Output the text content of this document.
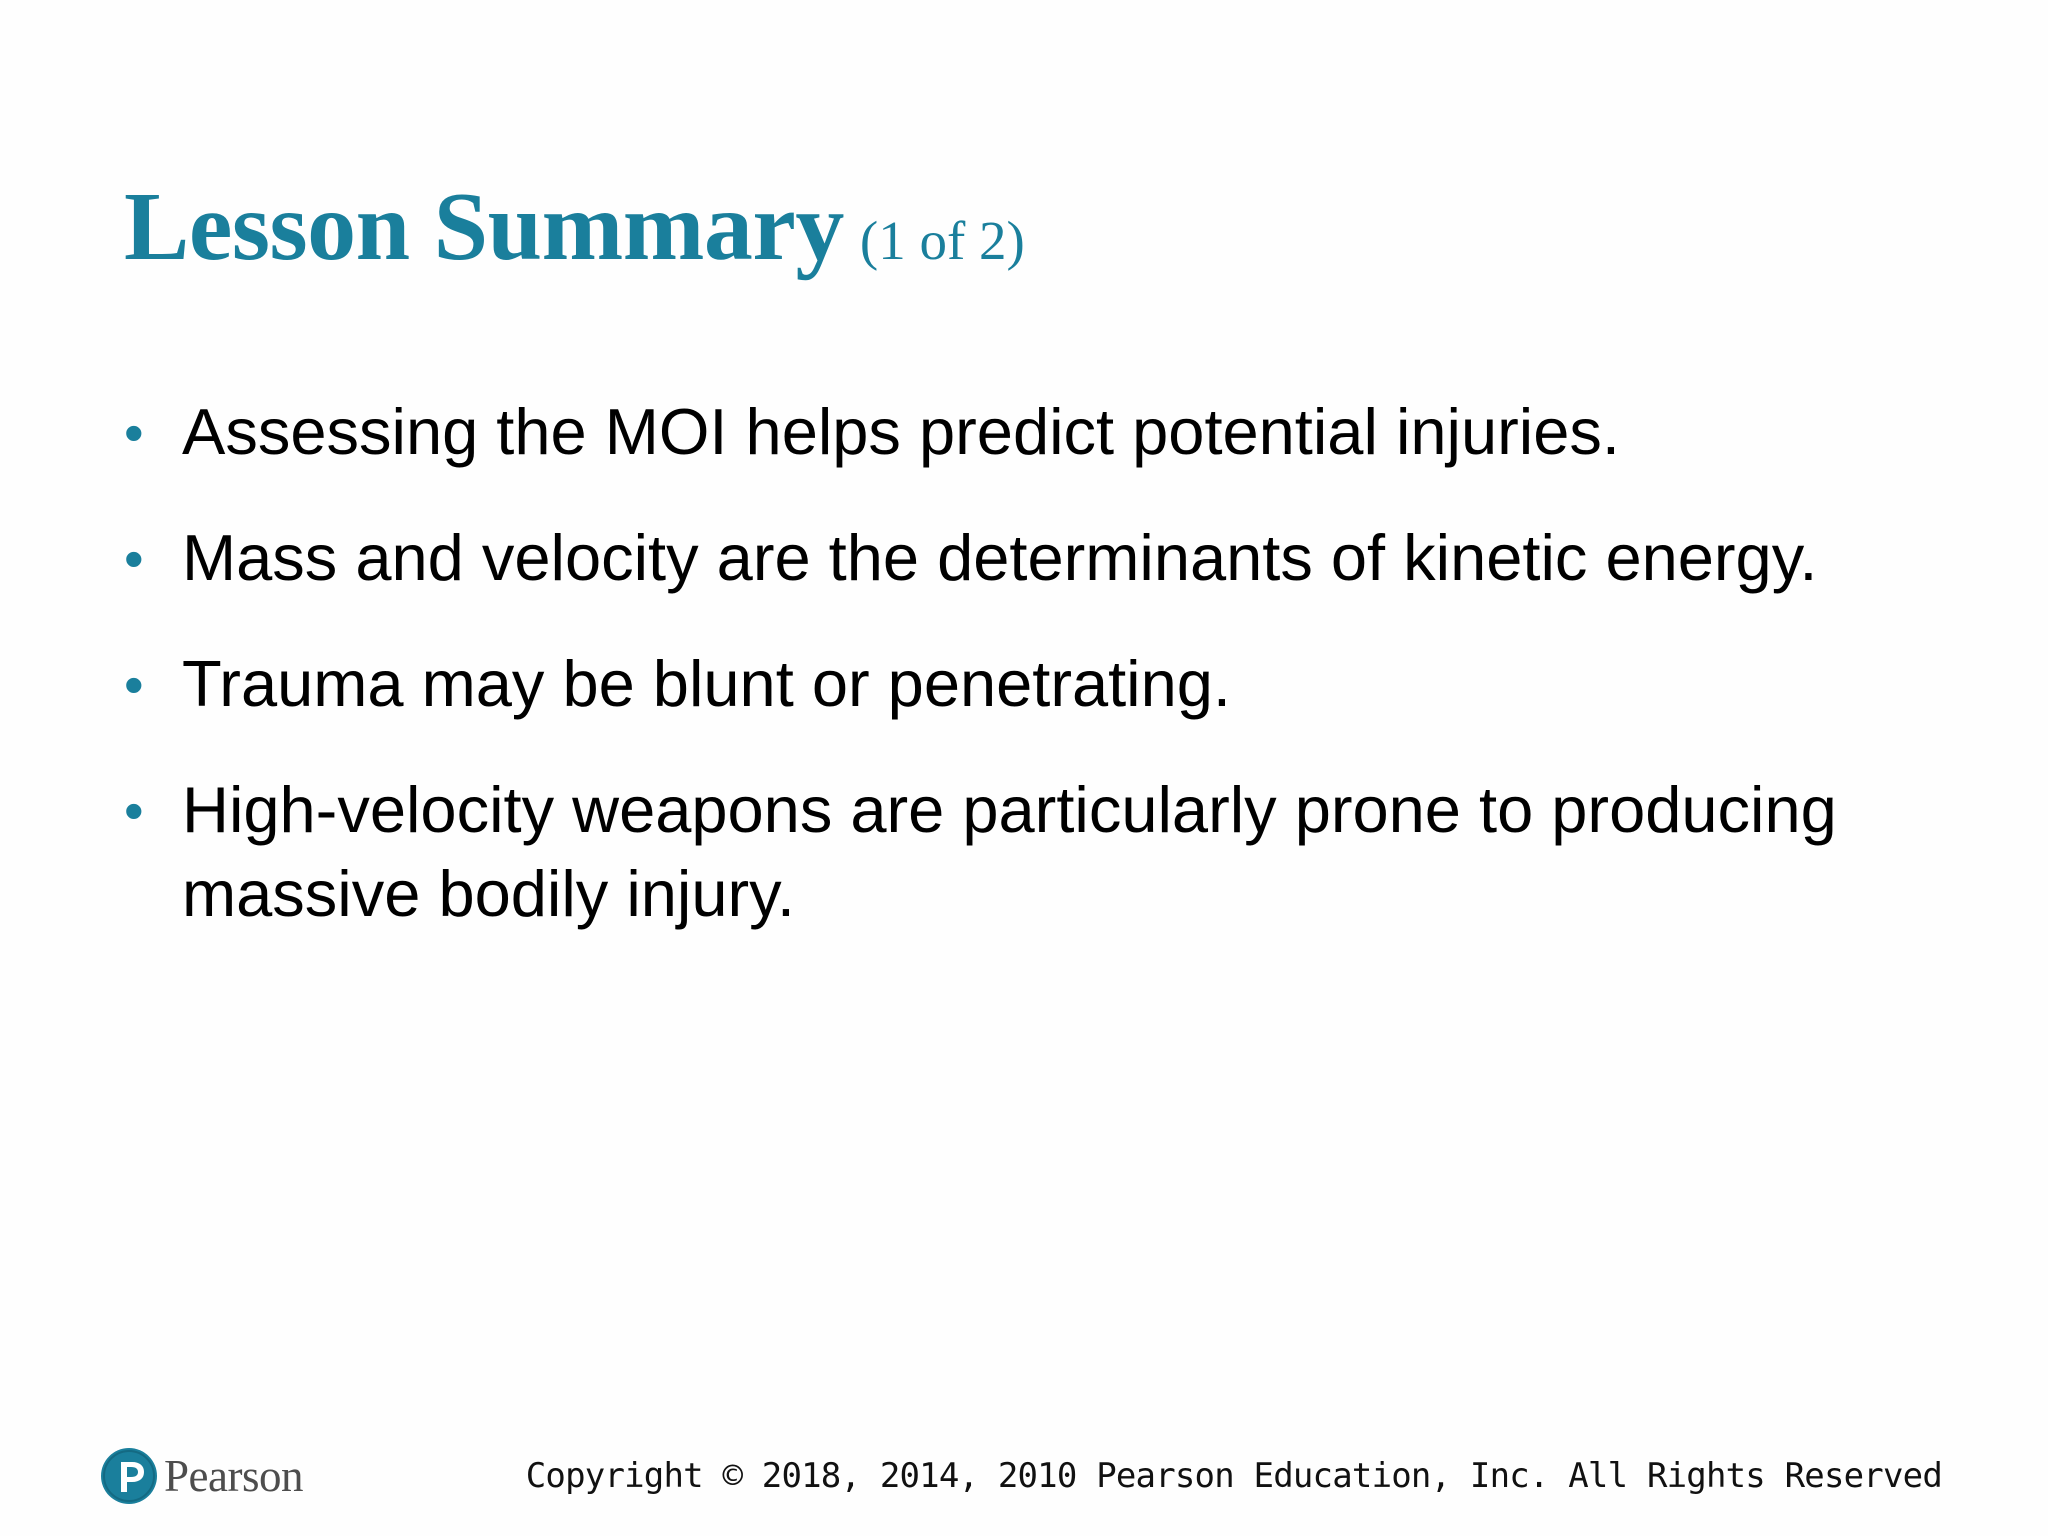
Lesson Summary (1 of 2)
• Assessing the MOI helps predict potential injuries.
• Mass and velocity are the determinants of kinetic energy.
• Trauma may be blunt or penetrating.
• High-velocity weapons are particularly prone to producing massive bodily injury.
Pearson	Copyright © 2018, 2014, 2010 Pearson Education, Inc. All Rights Reserved
